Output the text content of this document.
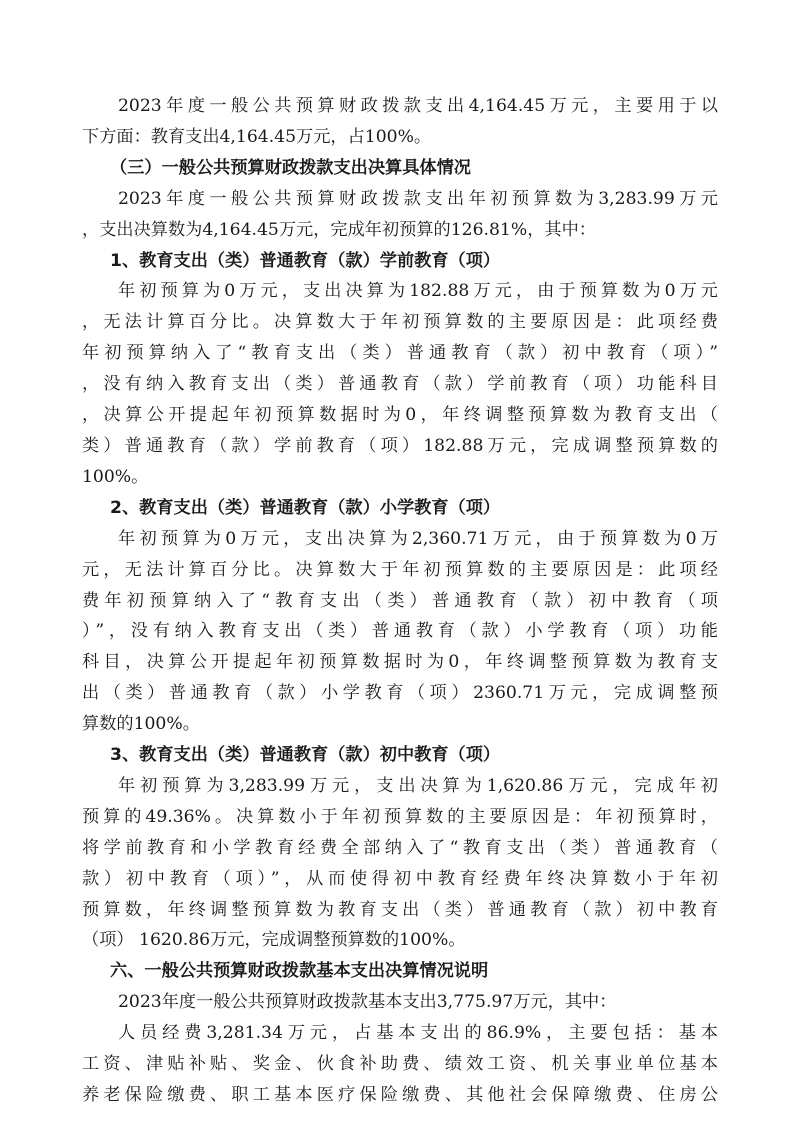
2023年度一般公共预算财政拨款支出4,164.45万元，主要用于以
下方面：教育支出4,164.45万元，占100%。
（三）一般公共预算财政拨款支出决算具体情况
2023年度一般公共预算财政拨款支出年初预算数为3,283.99万元
，支出决算数为4,164.45万元，完成年初预算的126.81%，其中：
1、教育支出（类）普通教育（款）学前教育（项）
年初预算为0万元，支出决算为182.88万元，由于预算数为0万元
，无法计算百分比。决算数大于年初预算数的主要原因是：此项经费
年初预算纳入了“教育支出（类）普通教育（款）初中教育（项）”
，没有纳入教育支出（类）普通教育（款）学前教育（项）功能科目
，决算公开提起年初预算数据时为0，年终调整预算数为教育支出（
类）普通教育（款）学前教育（项）182.88万元，完成调整预算数的
100%。
2、教育支出（类）普通教育（款）小学教育（项）
年初预算为0万元，支出决算为2,360.71万元，由于预算数为0万
元，无法计算百分比。决算数大于年初预算数的主要原因是：此项经
费年初预算纳入了“教育支出（类）普通教育（款）初中教育（项
）”，没有纳入教育支出（类）普通教育（款）小学教育（项）功能
科目，决算公开提起年初预算数据时为0，年终调整预算数为教育支
出（类）普通教育（款）小学教育（项）2360.71万元，完成调整预
算数的100%。
3、教育支出（类）普通教育（款）初中教育（项）
年初预算为3,283.99万元，支出决算为1,620.86万元，完成年初
预算的49.36%。决算数小于年初预算数的主要原因是：年初预算时，
将学前教育和小学教育经费全部纳入了“教育支出（类）普通教育（
款）初中教育（项）”，从而使得初中教育经费年终决算数小于年初
预算数，年终调整预算数为教育支出（类）普通教育（款）初中教育
（项） 1620.86万元，完成调整预算数的100%。
六、一般公共预算财政拨款基本支出决算情况说明
2023年度一般公共预算财政拨款基本支出3,775.97万元，其中：
人员经费3,281.34万元，占基本支出的86.9%，主要包括：基本
工资、津贴补贴、奖金、伙食补助费、绩效工资、机关事业单位基本
养老保险缴费、职工基本医疗保险缴费、其他社会保障缴费、住房公
